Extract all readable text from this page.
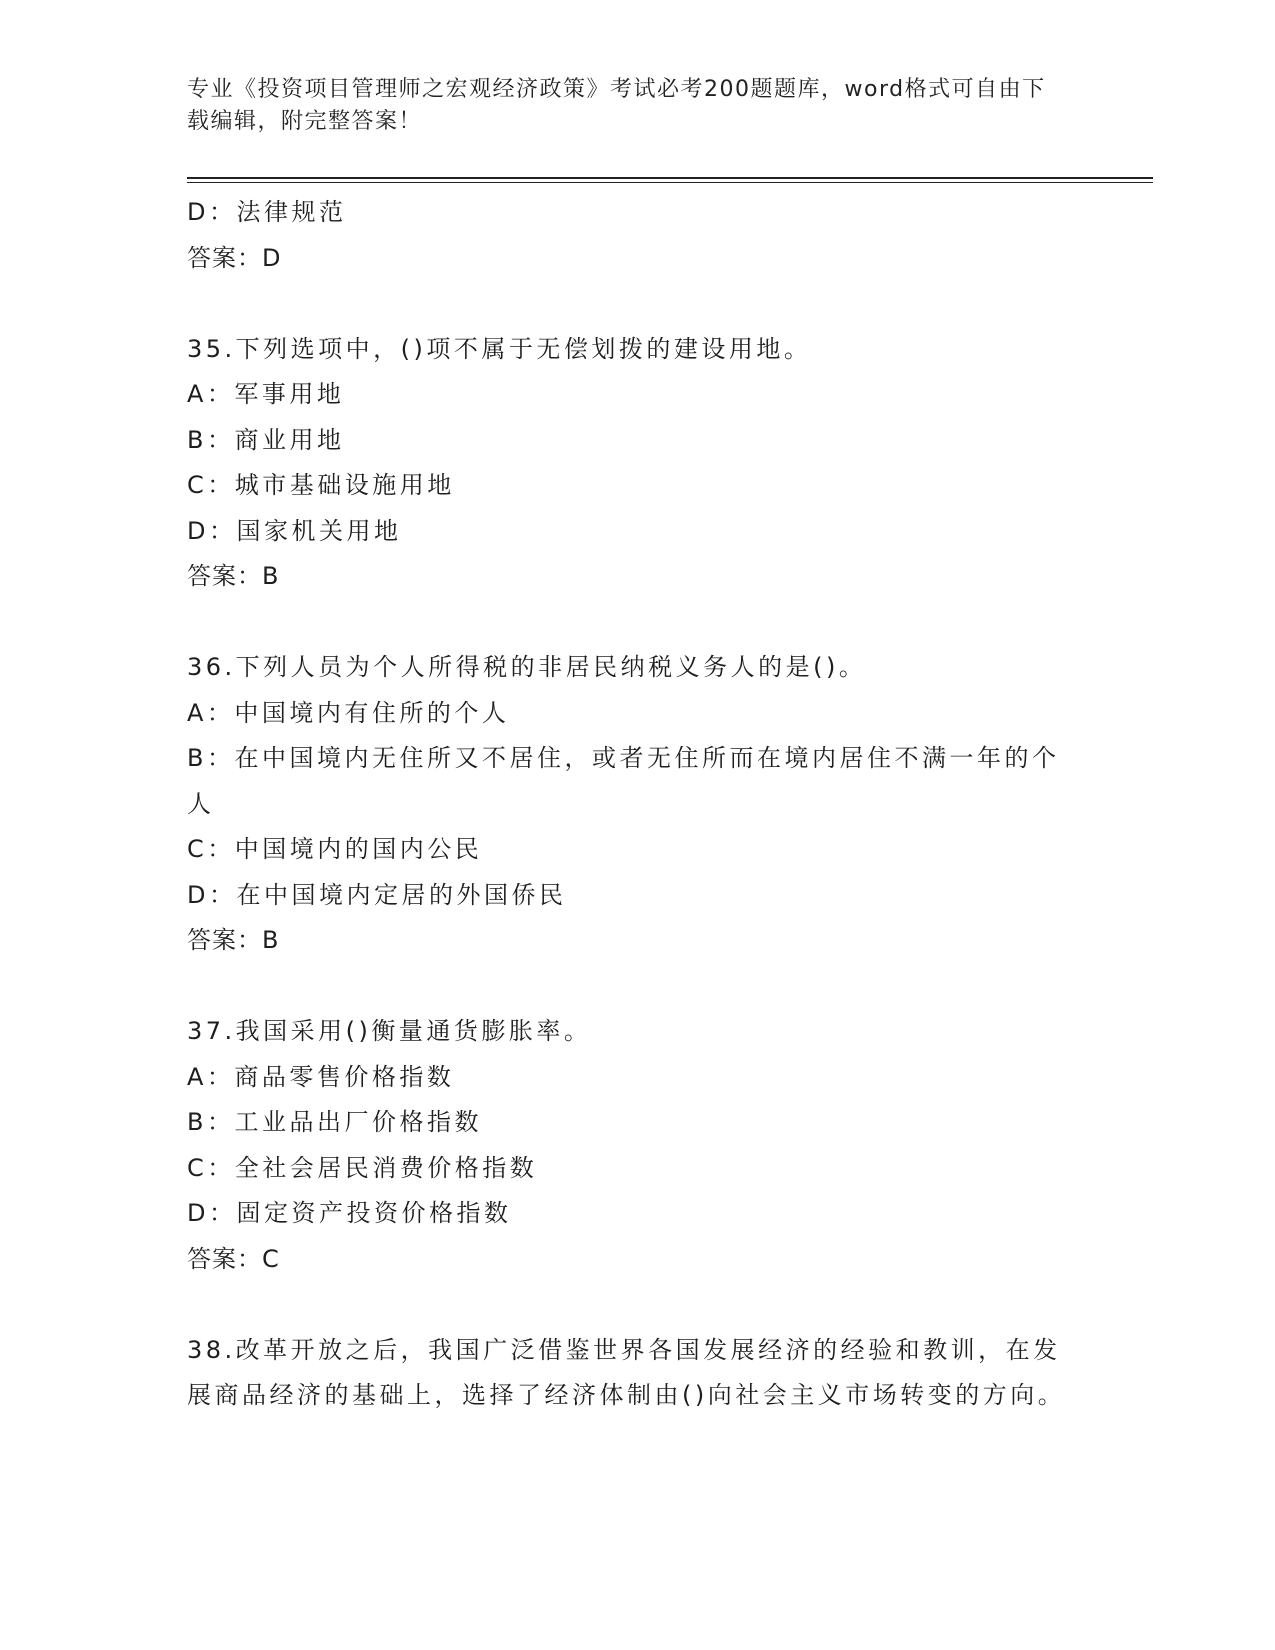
专业《投资项目管理师之宏观经济政策》考试必考200题题库，word格式可自由下载编辑，附完整答案！
D：法律规范
答案：D
35.下列选项中，()项不属于无偿划拨的建设用地。
A：军事用地
B：商业用地
C：城市基础设施用地
D：国家机关用地
答案：B
36.下列人员为个人所得税的非居民纳税义务人的是()。
A：中国境内有住所的个人
B：在中国境内无住所又不居住，或者无住所而在境内居住不满一年的个人
C：中国境内的国内公民
D：在中国境内定居的外国侨民
答案：B
37.我国采用()衡量通货膨胀率。
A：商品零售价格指数
B：工业品出厂价格指数
C：全社会居民消费价格指数
D：固定资产投资价格指数
答案：C
38.改革开放之后，我国广泛借鉴世界各国发展经济的经验和教训，在发展商品经济的基础上，选择了经济体制由()向社会主义市场转变的方向。
